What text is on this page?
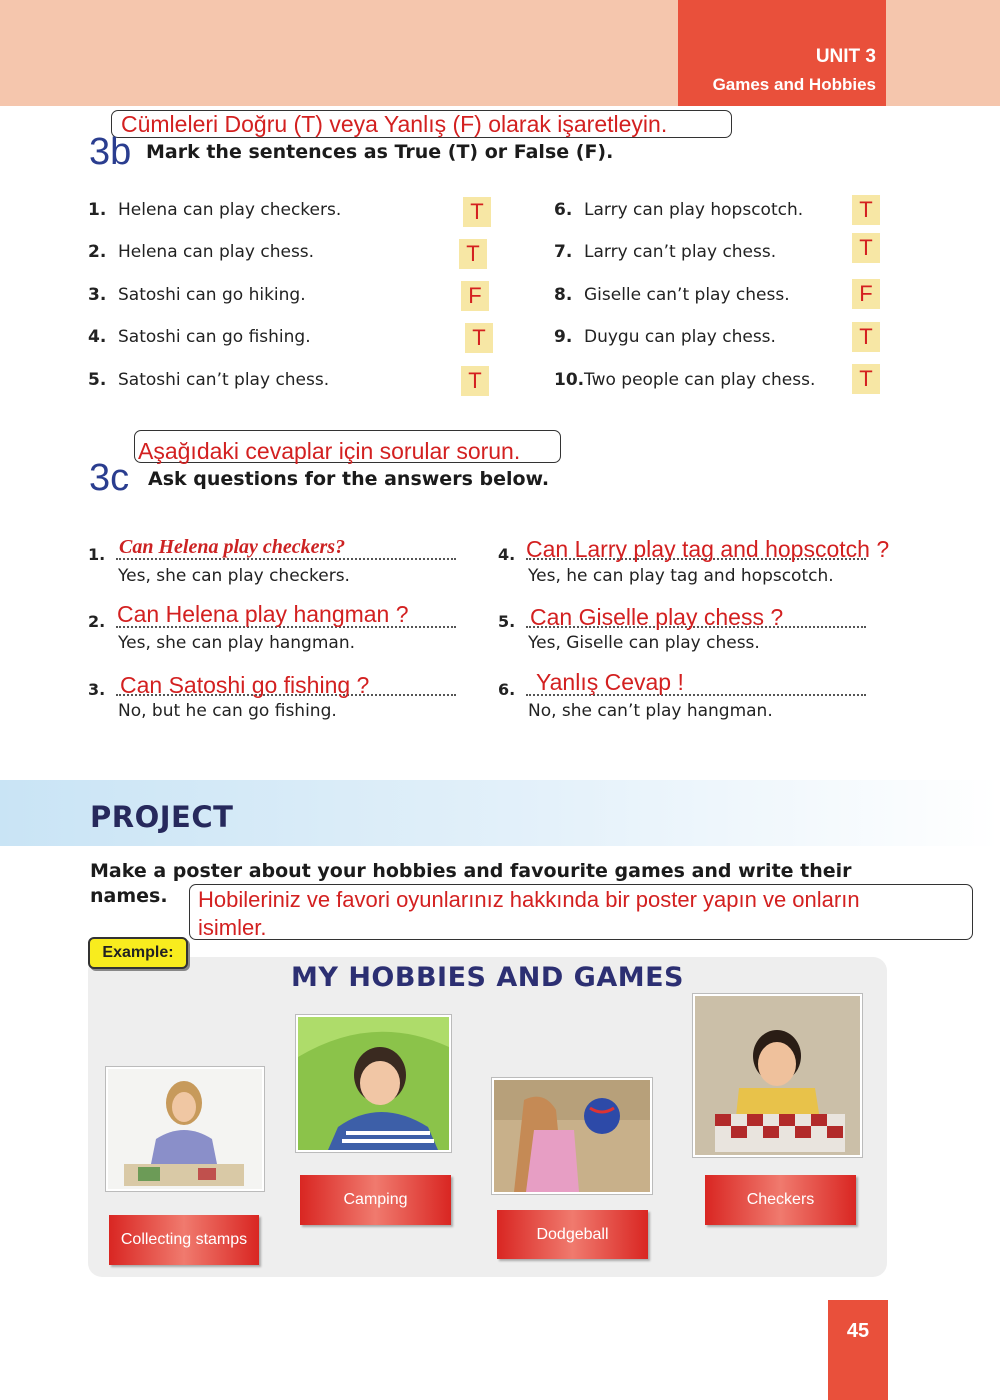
UNIT 3
Games and Hobbies
Cümleleri Doğru (T) veya Yanlış (F) olarak işaretleyin.
3b Mark the sentences as True (T) or False (F).
1. Helena can play checkers.
2. Helena can play chess.
3. Satoshi can go hiking.
4. Satoshi can go fishing.
5. Satoshi can’t play chess.
T
T
F
T
T
6. Larry can play hopscotch.
7. Larry can’t play chess.
8. Giselle can’t play chess.
9. Duygu can play chess.
10.Two people can play chess.
T
T
F
T
T
Aşağıdaki cevaplar için sorular sorun.
3c Ask questions for the answers below.
1. Can Helena play checkers?
Yes, she can play checkers.
2. Can Helena play hangman ?
Yes, she can play hangman.
3. Can Satoshi go fishing ?
No, but he can go fishing.
4. Can Larry play tag and hopscotch ?
Yes, he can play tag and hopscotch.
5. Can Giselle play chess ?
Yes, Giselle can play chess.
6. Yanlış Cevap !
No, she can’t play hangman.
PROJECT
Make a poster about your hobbies and favourite games and write their
names. Hobileriniz ve favori oyunlarınız hakkında bir poster yapın ve onların
isimler.
Example:
MY HOBBIES AND GAMES
Collecting stamps
Camping
Dodgeball
Checkers
45
